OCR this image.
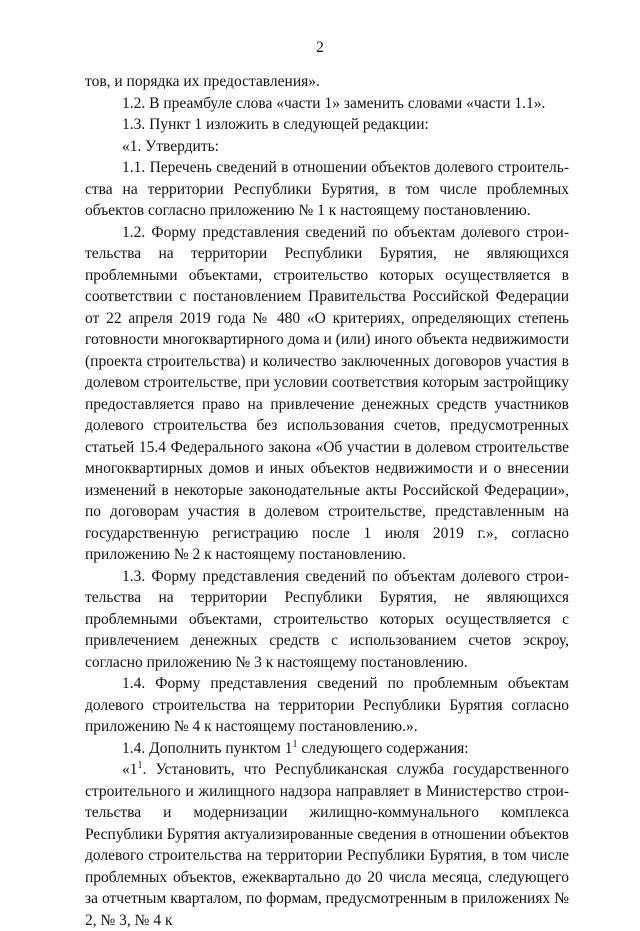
2

тов, и порядка их предоставления».

1.2. В преамбуле слова «части 1» заменить словами «части 1.1».

1.3. Пункт 1 изложить в следующей редакции:

«1. Утвердить:

1.1. Перечень сведений в отношении объектов долевого строительства на территории Республики Бурятия, в том числе проблемных объектов согласно приложению № 1 к настоящему постановлению.

1.2. Форму представления сведений по объектам долевого строительства на территории Республики Бурятия, не являющихся проблемными объектами, строительство которых осуществляется в соответствии с постановлением Правительства Российской Федерации от 22 апреля 2019 года № 480 «О критериях, определяющих степень готовности многоквартирного дома и (или) иного объекта недвижимости (проекта строительства) и количество заключенных договоров участия в долевом строительстве, при условии соответствия которым застройщику предоставляется право на привлечение денежных средств участников долевого строительства без использования счетов, предусмотренных статьей 15.4 Федерального закона «Об участии в долевом строительстве многоквартирных домов и иных объектов недвижимости и о внесении изменений в некоторые законодательные акты Российской Федерации», по договорам участия в долевом строительстве, представленным на государственную регистрацию после 1 июля 2019 г.», согласно приложению № 2 к настоящему постановлению.

1.3. Форму представления сведений по объектам долевого строительства на территории Республики Бурятия, не являющихся проблемными объектами, строительство которых осуществляется с привлечением денежных средств с использованием счетов эскроу, согласно приложению № 3 к настоящему постановлению.

1.4. Форму представления сведений по проблемным объектам долевого строительства на территории Республики Бурятия согласно приложению № 4 к настоящему постановлению.».

1.4. Дополнить пунктом $1^1$ следующего содержания:

«$1^1$. Установить, что Республиканская служба государственного строительного и жилищного надзора направляет в Министерство строительства и модернизации жилищно-коммунального комплекса Республики Бурятия актуализированные сведения в отношении объектов долевого строительства на территории Республики Бурятия, в том числе проблемных объектов, ежеквартально до 20 числа месяца, следующего за отчетным кварталом, по формам, предусмотренным в приложениях № 2, № 3, № 4 к
